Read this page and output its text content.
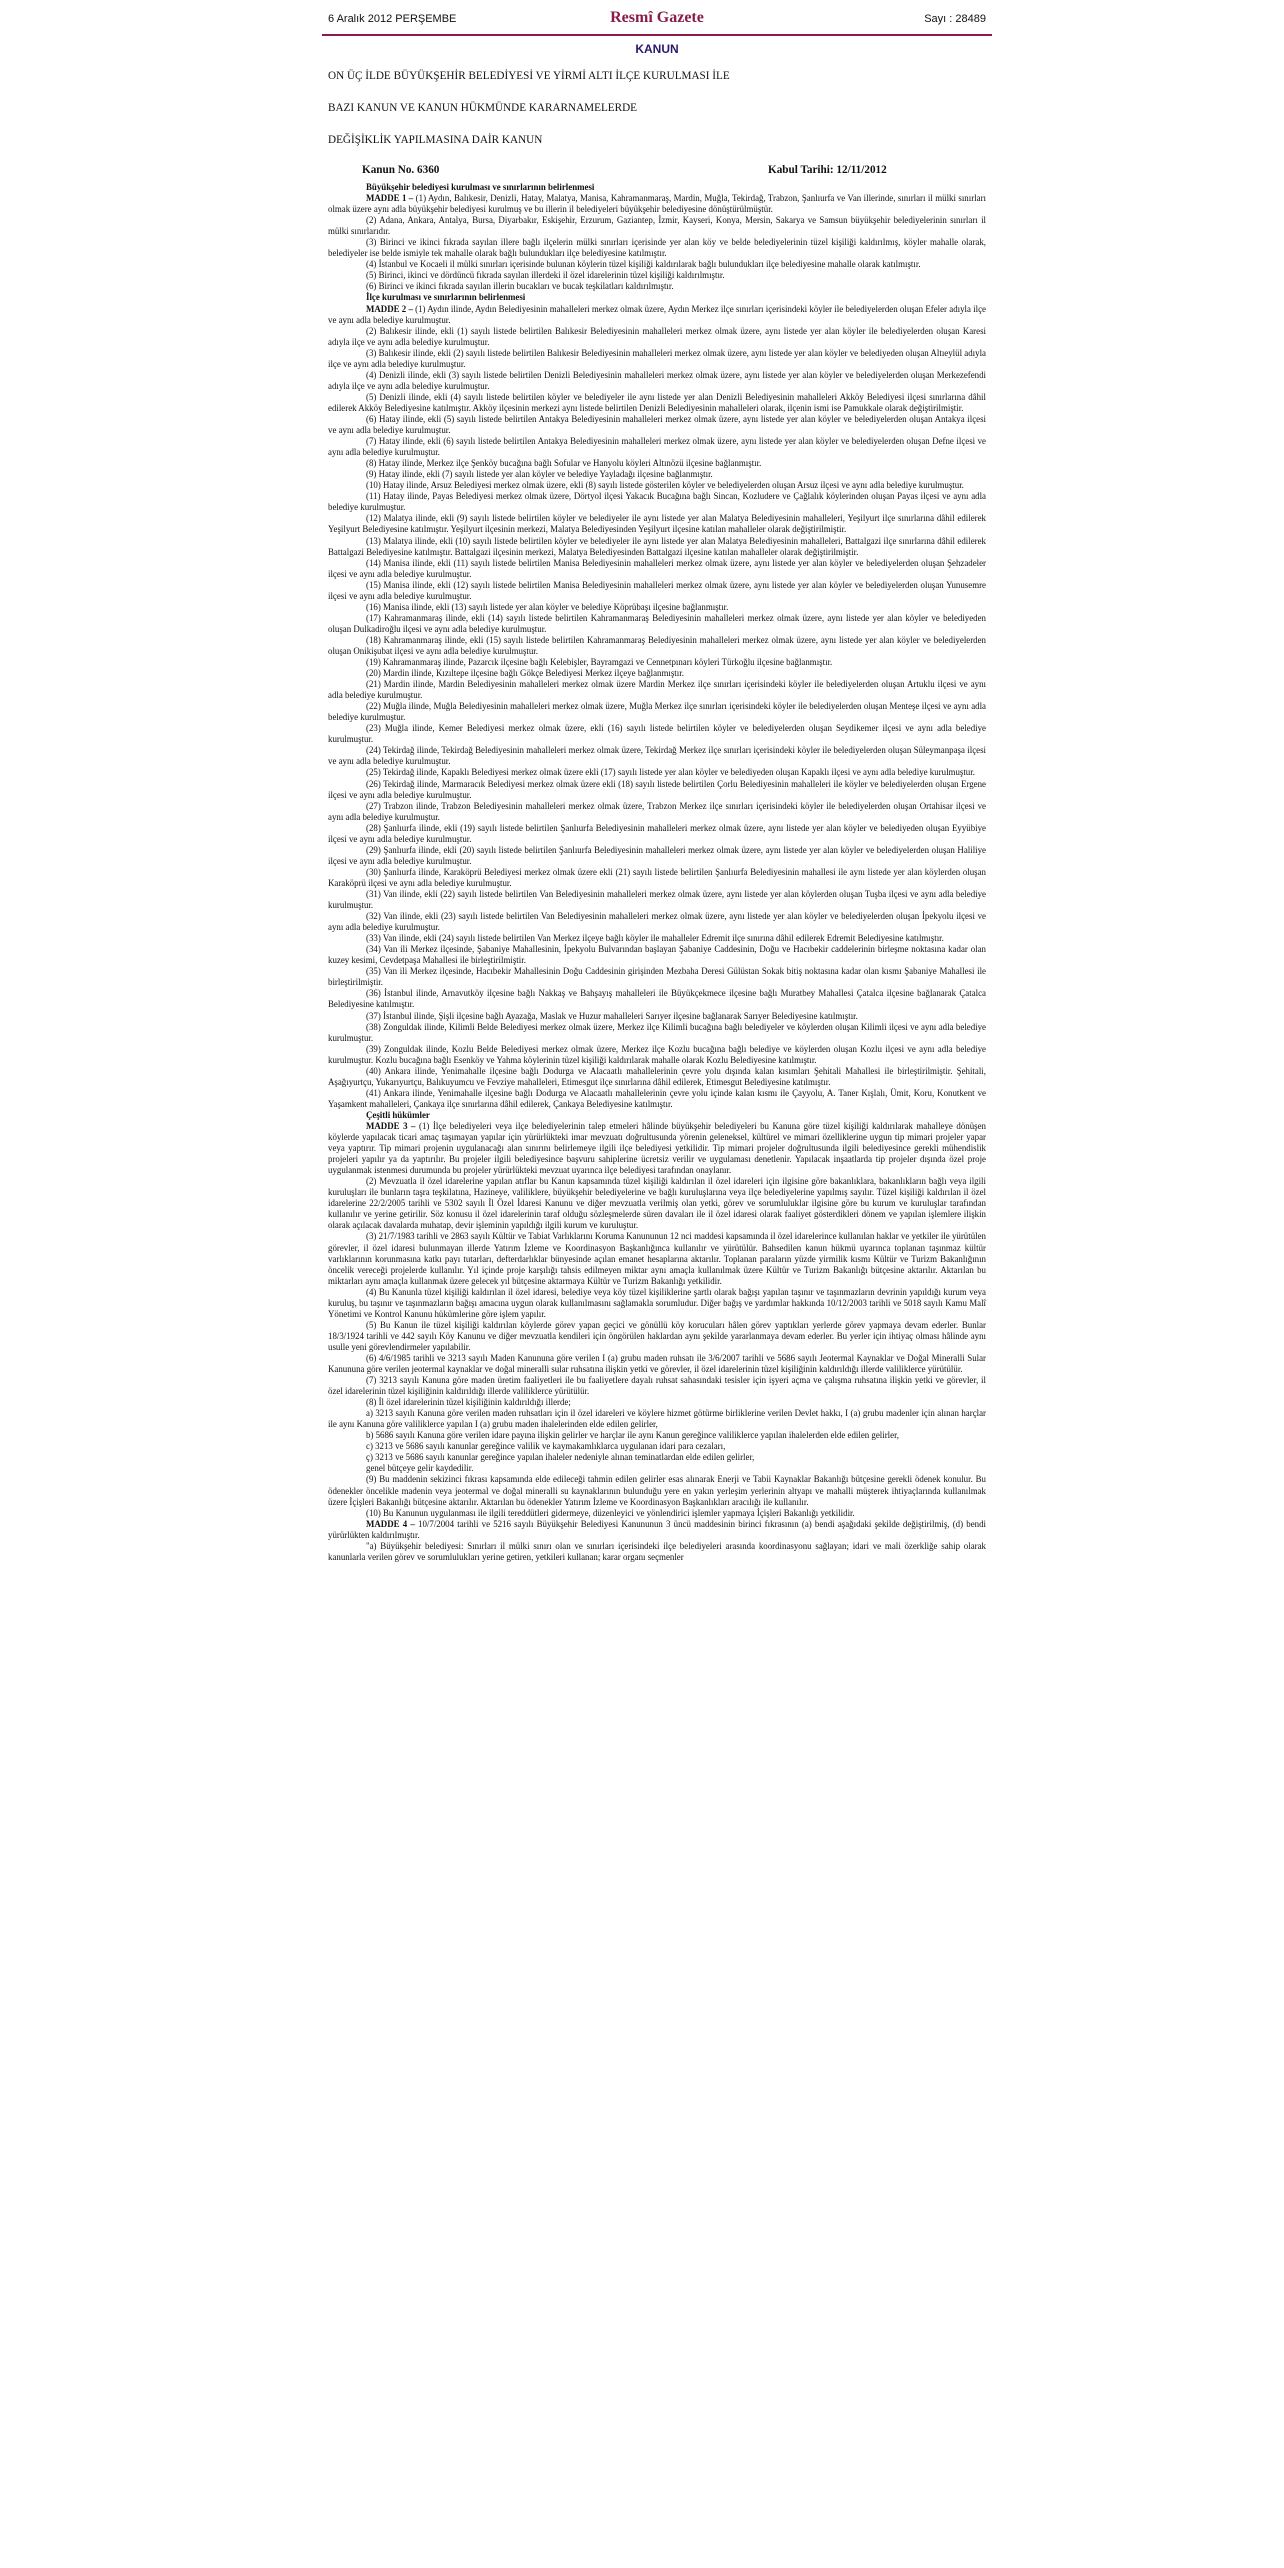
6 Aralık 2012 PERŞEMBE	Resmî Gazete	Sayı : 28489
KANUN

ON ÜÇ İLDE BÜYÜKŞEHİR BELEDİYESİ VE YİRMİ ALTI İLÇE KURULMASI İLE

BAZI KANUN VE KANUN HÜKMÜNDE KARARNAMELERDE

DEĞİŞİKLİK YAPILMASINA DAİR KANUN

Kanun No. 6360	Kabul Tarihi: 12/11/2012

Büyükşehir belediyesi kurulması ve sınırlarının belirlenmesi

MADDE 1 – (1) Aydın, Balıkesir, Denizli, Hatay, Malatya, Manisa, Kahramanmaraş, Mardin, Muğla, Tekirdağ, Trabzon, Şanlıurfa ve Van illerinde, sınırları il mülki sınırları olmak üzere aynı adla büyükşehir belediyesi kurulmuş ve bu illerin il belediyeleri büyükşehir belediyesine dönüştürülmüştür.

(2) Adana, Ankara, Antalya, Bursa, Diyarbakır, Eskişehir, Erzurum, Gaziantep, İzmir, Kayseri, Konya, Mersin, Sakarya ve Samsun büyükşehir belediyelerinin sınırları il mülki sınırlarıdır.

(3) Birinci ve ikinci fıkrada sayılan illere bağlı ilçelerin mülki sınırları içerisinde yer alan köy ve belde belediyelerinin tüzel kişiliği kaldırılmış, köyler mahalle olarak, belediyeler ise belde ismiyle tek mahalle olarak bağlı bulundukları ilçe belediyesine katılmıştır.

(4) İstanbul ve Kocaeli il mülki sınırları içerisinde bulunan köylerin tüzel kişiliği kaldırılarak bağlı bulundukları ilçe belediyesine mahalle olarak katılmıştır.

(5) Birinci, ikinci ve dördüncü fıkrada sayılan illerdeki il özel idarelerinin tüzel kişiliği kaldırılmıştır.

(6) Birinci ve ikinci fıkrada sayılan illerin bucakları ve bucak teşkilatları kaldırılmıştır.

İlçe kurulması ve sınırlarının belirlenmesi

MADDE 2 – (1) Aydın ilinde, Aydın Belediyesinin mahalleleri merkez olmak üzere, Aydın Merkez ilçe sınırları içerisindeki köyler ile belediyelerden oluşan Efeler adıyla ilçe ve aynı adla belediye kurulmuştur.

(2) Balıkesir ilinde, ekli (1) sayılı listede belirtilen Balıkesir Belediyesinin mahalleleri merkez olmak üzere, aynı listede yer alan köyler ile belediyelerden oluşan Karesi adıyla ilçe ve aynı adla belediye kurulmuştur.

(3) Balıkesir ilinde, ekli (2) sayılı listede belirtilen Balıkesir Belediyesinin mahalleleri merkez olmak üzere, aynı listede yer alan köyler ve belediyeden oluşan Altıeylül adıyla ilçe ve aynı adla belediye kurulmuştur.

(4) Denizli ilinde, ekli (3) sayılı listede belirtilen Denizli Belediyesinin mahalleleri merkez olmak üzere, aynı listede yer alan köyler ve belediyelerden oluşan Merkezefendi adıyla ilçe ve aynı adla belediye kurulmuştur.

(5) Denizli ilinde, ekli (4) sayılı listede belirtilen köyler ve belediyeler ile aynı listede yer alan Denizli Belediyesinin mahalleleri Akköy Belediyesi ilçesi sınırlarına dâhil edilerek Akköy Belediyesine katılmıştır. Akköy ilçesinin merkezi aynı listede belirtilen Denizli Belediyesinin mahalleleri olarak, ilçenin ismi ise Pamukkale olarak değiştirilmiştir.

(6) Hatay ilinde, ekli (5) sayılı listede belirtilen Antakya Belediyesinin mahalleleri merkez olmak üzere, aynı listede yer alan köyler ve belediyelerden oluşan Antakya ilçesi ve aynı adla belediye kurulmuştur.

(7) Hatay ilinde, ekli (6) sayılı listede belirtilen Antakya Belediyesinin mahalleleri merkez olmak üzere, aynı listede yer alan köyler ve belediyelerden oluşan Defne ilçesi ve aynı adla belediye kurulmuştur.

(8) Hatay ilinde, Merkez ilçe Şenköy bucağına bağlı Sofular ve Hanyolu köyleri Altınözü ilçesine bağlanmıştır.

(9) Hatay ilinde, ekli (7) sayılı listede yer alan köyler ve belediye Yayladağı ilçesine bağlanmıştır.

(10) Hatay ilinde, Arsuz Belediyesi merkez olmak üzere, ekli (8) sayılı listede gösterilen köyler ve belediyelerden oluşan Arsuz ilçesi ve aynı adla belediye kurulmuştur.

(11) Hatay ilinde, Payas Belediyesi merkez olmak üzere, Dörtyol ilçesi Yakacık Bucağına bağlı Sincan, Kozludere ve Çağlalık köylerinden oluşan Payas ilçesi ve aynı adla belediye kurulmuştur.

(12) Malatya ilinde, ekli (9) sayılı listede belirtilen köyler ve belediyeler ile aynı listede yer alan Malatya Belediyesinin mahalleleri, Yeşilyurt ilçe sınırlarına dâhil edilerek Yeşilyurt Belediyesine katılmıştır. Yeşilyurt ilçesinin merkezi, Malatya Belediyesinden Yeşilyurt ilçesine katılan mahalleler olarak değiştirilmiştir.

(13) Malatya ilinde, ekli (10) sayılı listede belirtilen köyler ve belediyeler ile aynı listede yer alan Malatya Belediyesinin mahalleleri, Battalgazi ilçe sınırlarına dâhil edilerek Battalgazi Belediyesine katılmıştır. Battalgazi ilçesinin merkezi, Malatya Belediyesinden Battalgazi ilçesine katılan mahalleler olarak değiştirilmiştir.

(14) Manisa ilinde, ekli (11) sayılı listede belirtilen Manisa Belediyesinin mahalleleri merkez olmak üzere, aynı listede yer alan köyler ve belediyelerden oluşan Şehzadeler ilçesi ve aynı adla belediye kurulmuştur.

(15) Manisa ilinde, ekli (12) sayılı listede belirtilen Manisa Belediyesinin mahalleleri merkez olmak üzere, aynı listede yer alan köyler ve belediyelerden oluşan Yunusemre ilçesi ve aynı adla belediye kurulmuştur.

(16) Manisa ilinde, ekli (13) sayılı listede yer alan köyler ve belediye Köprübaşı ilçesine bağlanmıştır.

(17) Kahramanmaraş ilinde, ekli (14) sayılı listede belirtilen Kahramanmaraş Belediyesinin mahalleleri merkez olmak üzere, aynı listede yer alan köyler ve belediyeden oluşan Dulkadiroğlu ilçesi ve aynı adla belediye kurulmuştur.

(18) Kahramanmaraş ilinde, ekli (15) sayılı listede belirtilen Kahramanmaraş Belediyesinin mahalleleri merkez olmak üzere, aynı listede yer alan köyler ve belediyelerden oluşan Onikişubat ilçesi ve aynı adla belediye kurulmuştur.

(19) Kahramanmaraş ilinde, Pazarcık ilçesine bağlı Kelebişler, Bayramgazi ve Cennetpınarı köyleri Türkoğlu ilçesine bağlanmıştır.

(20) Mardin ilinde, Kızıltepe ilçesine bağlı Gökçe Belediyesi Merkez ilçeye bağlanmıştır.

(21) Mardin ilinde, Mardin Belediyesinin mahalleleri merkez olmak üzere Mardin Merkez ilçe sınırları içerisindeki köyler ile belediyelerden oluşan Artuklu ilçesi ve aynı adla belediye kurulmuştur.

(22) Muğla ilinde, Muğla Belediyesinin mahalleleri merkez olmak üzere, Muğla Merkez ilçe sınırları içerisindeki köyler ile belediyelerden oluşan Menteşe ilçesi ve aynı adla belediye kurulmuştur.

(23) Muğla ilinde, Kemer Belediyesi merkez olmak üzere, ekli (16) sayılı listede belirtilen köyler ve belediyelerden oluşan Seydikemer ilçesi ve aynı adla belediye kurulmuştur.

(24) Tekirdağ ilinde, Tekirdağ Belediyesinin mahalleleri merkez olmak üzere, Tekirdağ Merkez ilçe sınırları içerisindeki köyler ile belediyelerden oluşan Süleymanpaşa ilçesi ve aynı adla belediye kurulmuştur.

(25) Tekirdağ ilinde, Kapaklı Belediyesi merkez olmak üzere ekli (17) sayılı listede yer alan köyler ve belediyeden oluşan Kapaklı ilçesi ve aynı adla belediye kurulmuştur.

(26) Tekirdağ ilinde, Marmaracık Belediyesi merkez olmak üzere ekli (18) sayılı listede belirtilen Çorlu Belediyesinin mahalleleri ile köyler ve belediyelerden oluşan Ergene ilçesi ve aynı adla belediye kurulmuştur.

(27) Trabzon ilinde, Trabzon Belediyesinin mahalleleri merkez olmak üzere, Trabzon Merkez ilçe sınırları içerisindeki köyler ile belediyelerden oluşan Ortahisar ilçesi ve aynı adla belediye kurulmuştur.

(28) Şanlıurfa ilinde, ekli (19) sayılı listede belirtilen Şanlıurfa Belediyesinin mahalleleri merkez olmak üzere, aynı listede yer alan köyler ve belediyeden oluşan Eyyübiye ilçesi ve aynı adla belediye kurulmuştur.

(29) Şanlıurfa ilinde, ekli (20) sayılı listede belirtilen Şanlıurfa Belediyesinin mahalleleri merkez olmak üzere, aynı listede yer alan köyler ve belediyelerden oluşan Haliliye ilçesi ve aynı adla belediye kurulmuştur.

(30) Şanlıurfa ilinde, Karaköprü Belediyesi merkez olmak üzere ekli (21) sayılı listede belirtilen Şanlıurfa Belediyesinin mahallesi ile aynı listede yer alan köylerden oluşan Karaköprü ilçesi ve aynı adla belediye kurulmuştur.

(31) Van ilinde, ekli (22) sayılı listede belirtilen Van Belediyesinin mahalleleri merkez olmak üzere, aynı listede yer alan köylerden oluşan Tuşba ilçesi ve aynı adla belediye kurulmuştur.

(32) Van ilinde, ekli (23) sayılı listede belirtilen Van Belediyesinin mahalleleri merkez olmak üzere, aynı listede yer alan köyler ve belediyelerden oluşan İpekyolu ilçesi ve aynı adla belediye kurulmuştur.

(33) Van ilinde, ekli (24) sayılı listede belirtilen Van Merkez ilçeye bağlı köyler ile mahalleler Edremit ilçe sınırına dâhil edilerek Edremit Belediyesine katılmıştır.

(34) Van ili Merkez ilçesinde, Şabaniye Mahallesinin, İpekyolu Bulvarından başlayan Şabaniye Caddesinin, Doğu ve Hacıbekir caddelerinin birleşme noktasına kadar olan kuzey kesimi, Cevdetpaşa Mahallesi ile birleştirilmiştir.

(35) Van ili Merkez ilçesinde, Hacıbekir Mahallesinin Doğu Caddesinin girişinden Mezbaha Deresi Gülüstan Sokak bitiş noktasına kadar olan kısmı Şabaniye Mahallesi ile birleştirilmiştir.

(36) İstanbul ilinde, Arnavutköy ilçesine bağlı Nakkaş ve Bahşayış mahalleleri ile Büyükçekmece ilçesine bağlı Muratbey Mahallesi Çatalca ilçesine bağlanarak Çatalca Belediyesine katılmıştır.

(37) İstanbul ilinde, Şişli ilçesine bağlı Ayazağa, Maslak ve Huzur mahalleleri Sarıyer ilçesine bağlanarak Sarıyer Belediyesine katılmıştır.

(38) Zonguldak ilinde, Kilimli Belde Belediyesi merkez olmak üzere, Merkez ilçe Kilimli bucağına bağlı belediyeler ve köylerden oluşan Kilimli ilçesi ve aynı adla belediye kurulmuştur.

(39) Zonguldak ilinde, Kozlu Belde Belediyesi merkez olmak üzere, Merkez ilçe Kozlu bucağına bağlı belediye ve köylerden oluşan Kozlu ilçesi ve aynı adla belediye kurulmuştur. Kozlu bucağına bağlı Esenköy ve Yahma köylerinin tüzel kişiliği kaldırılarak mahalle olarak Kozlu Belediyesine katılmıştır.

(40) Ankara ilinde, Yenimahalle ilçesine bağlı Dodurga ve Alacaatlı mahallelerinin çevre yolu dışında kalan kısımları Şehitali Mahallesi ile birleştirilmiştir. Şehitali, Aşağıyurtçu, Yukarıyurtçu, Balıkuyumcu ve Fevziye mahalleleri, Etimesgut ilçe sınırlarına dâhil edilerek, Etimesgut Belediyesine katılmıştır.

(41) Ankara ilinde, Yenimahalle ilçesine bağlı Dodurga ve Alacaatlı mahallelerinin çevre yolu içinde kalan kısmı ile Çayyolu, A. Taner Kışlalı, Ümit, Koru, Konutkent ve Yaşamkent mahalleleri, Çankaya ilçe sınırlarına dâhil edilerek, Çankaya Belediyesine katılmıştır.

Çeşitli hükümler

MADDE 3 – (1) İlçe belediyeleri veya ilçe belediyelerinin talep etmeleri hâlinde büyükşehir belediyeleri bu Kanuna göre tüzel kişiliği kaldırılarak mahalleye dönüşen köylerde yapılacak ticari amaç taşımayan yapılar için yürürlükteki imar mevzuatı doğrultusunda yörenin geleneksel, kültürel ve mimari özelliklerine uygun tip mimari projeler yapar veya yaptırır. Tip mimari projenin uygulanacağı alan sınırını belirlemeye ilgili ilçe belediyesi yetkilidir. Tip mimari projeler doğrultusunda ilgili belediyesince gerekli mühendislik projeleri yapılır ya da yaptırılır. Bu projeler ilgili belediyesince başvuru sahiplerine ücretsiz verilir ve uygulaması denetlenir. Yapılacak inşaatlarda tip projeler dışında özel proje uygulanmak istenmesi durumunda bu projeler yürürlükteki mevzuat uyarınca ilçe belediyesi tarafından onaylanır.

(2) Mevzuatla il özel idarelerine yapılan atıflar bu Kanun kapsamında tüzel kişiliği kaldırılan il özel idareleri için ilgisine göre bakanlıklara, bakanlıkların bağlı veya ilgili kuruluşları ile bunların taşra teşkilatına, Hazineye, valiliklere, büyükşehir belediyelerine ve bağlı kuruluşlarına veya ilçe belediyelerine yapılmış sayılır. Tüzel kişiliği kaldırılan il özel idarelerine 22/2/2005 tarihli ve 5302 sayılı İl Özel İdaresi Kanunu ve diğer mevzuatla verilmiş olan yetki, görev ve sorumluluklar ilgisine göre bu kurum ve kuruluşlar tarafından kullanılır ve yerine getirilir. Söz konusu il özel idarelerinin taraf olduğu sözleşmelerde süren davaları ile il özel idaresi olarak faaliyet gösterdikleri dönem ve yapılan işlemlere ilişkin olarak açılacak davalarda muhatap, devir işleminin yapıldığı ilgili kurum ve kuruluştur.

(3) 21/7/1983 tarihli ve 2863 sayılı Kültür ve Tabiat Varlıklarını Koruma Kanununun 12 nci maddesi kapsamında il özel idarelerince kullanılan haklar ve yetkiler ile yürütülen görevler, il özel idaresi bulunmayan illerde Yatırım İzleme ve Koordinasyon Başkanlığınca kullanılır ve yürütülür. Bahsedilen kanun hükmü uyarınca toplanan taşınmaz kültür varlıklarının korunmasına katkı payı tutarları, defterdarlıklar bünyesinde açılan emanet hesaplarına aktarılır. Toplanan paraların yüzde yirmilik kısmı Kültür ve Turizm Bakanlığının öncelik vereceği projelerde kullanılır. Yıl içinde proje karşılığı tahsis edilmeyen miktar aynı amaçla kullanılmak üzere Kültür ve Turizm Bakanlığı bütçesine aktarılır. Aktarılan bu miktarları aynı amaçla kullanmak üzere gelecek yıl bütçesine aktarmaya Kültür ve Turizm Bakanlığı yetkilidir.

(4) Bu Kanunla tüzel kişiliği kaldırılan il özel idaresi, belediye veya köy tüzel kişiliklerine şartlı olarak bağışı yapılan taşınır ve taşınmazların devrinin yapıldığı kurum veya kuruluş, bu taşınır ve taşınmazların bağışı amacına uygun olarak kullanılmasını sağlamakla sorumludur. Diğer bağış ve yardımlar hakkında 10/12/2003 tarihli ve 5018 sayılı Kamu Malî Yönetimi ve Kontrol Kanunu hükümlerine göre işlem yapılır.

(5) Bu Kanun ile tüzel kişiliği kaldırılan köylerde görev yapan geçici ve gönüllü köy korucuları hâlen görev yaptıkları yerlerde görev yapmaya devam ederler. Bunlar 18/3/1924 tarihli ve 442 sayılı Köy Kanunu ve diğer mevzuatla kendileri için öngörülen haklardan aynı şekilde yararlanmaya devam ederler. Bu yerler için ihtiyaç olması hâlinde aynı usulle yeni görevlendirmeler yapılabilir.

(6) 4/6/1985 tarihli ve 3213 sayılı Maden Kanununa göre verilen I (a) grubu maden ruhsatı ile 3/6/2007 tarihli ve 5686 sayılı Jeotermal Kaynaklar ve Doğal Mineralli Sular Kanununa göre verilen jeotermal kaynaklar ve doğal mineralli sular ruhsatına ilişkin yetki ve görevler, il özel idarelerinin tüzel kişiliğinin kaldırıldığı illerde valiliklerce yürütülür.

(7) 3213 sayılı Kanuna göre maden üretim faaliyetleri ile bu faaliyetlere dayalı ruhsat sahasındaki tesisler için işyeri açma ve çalışma ruhsatına ilişkin yetki ve görevler, il özel idarelerinin tüzel kişiliğinin kaldırıldığı illerde valiliklerce yürütülür.

(8) İl özel idarelerinin tüzel kişiliğinin kaldırıldığı illerde;

a) 3213 sayılı Kanuna göre verilen maden ruhsatları için il özel idareleri ve köylere hizmet götürme birliklerine verilen Devlet hakkı, I (a) grubu madenler için alınan harçlar ile aynı Kanuna göre valiliklerce yapılan I (a) grubu maden ihalelerinden elde edilen gelirler,

b) 5686 sayılı Kanuna göre verilen idare payına ilişkin gelirler ve harçlar ile aynı Kanun gereğince valiliklerce yapılan ihalelerden elde edilen gelirler,

c) 3213 ve 5686 sayılı kanunlar gereğince valilik ve kaymakamlıklarca uygulanan idari para cezaları,

ç) 3213 ve 5686 sayılı kanunlar gereğince yapılan ihaleler nedeniyle alınan teminatlardan elde edilen gelirler,

genel bütçeye gelir kaydedilir.

(9) Bu maddenin sekizinci fıkrası kapsamında elde edileceği tahmin edilen gelirler esas alınarak Enerji ve Tabii Kaynaklar Bakanlığı bütçesine gerekli ödenek konulur. Bu ödenekler öncelikle madenin veya jeotermal ve doğal mineralli su kaynaklarının bulunduğu yere en yakın yerleşim yerlerinin altyapı ve mahalli müşterek ihtiyaçlarında kullanılmak üzere İçişleri Bakanlığı bütçesine aktarılır. Aktarılan bu ödenekler Yatırım İzleme ve Koordinasyon Başkanlıkları aracılığı ile kullanılır.

(10) Bu Kanunun uygulanması ile ilgili tereddütleri gidermeye, düzenleyici ve yönlendirici işlemler yapmaya İçişleri Bakanlığı yetkilidir.

MADDE 4 – 10/7/2004 tarihli ve 5216 sayılı Büyükşehir Belediyesi Kanununun 3 üncü maddesinin birinci fıkrasının (a) bendi aşağıdaki şekilde değiştirilmiş, (d) bendi yürürlükten kaldırılmıştır.

"a) Büyükşehir belediyesi: Sınırları il mülki sınırı olan ve sınırları içerisindeki ilçe belediyeleri arasında koordinasyonu sağlayan; idari ve mali özerkliğe sahip olarak kanunlarla verilen görev ve sorumlulukları yerine getiren, yetkileri kullanan; karar organı seçmenler
